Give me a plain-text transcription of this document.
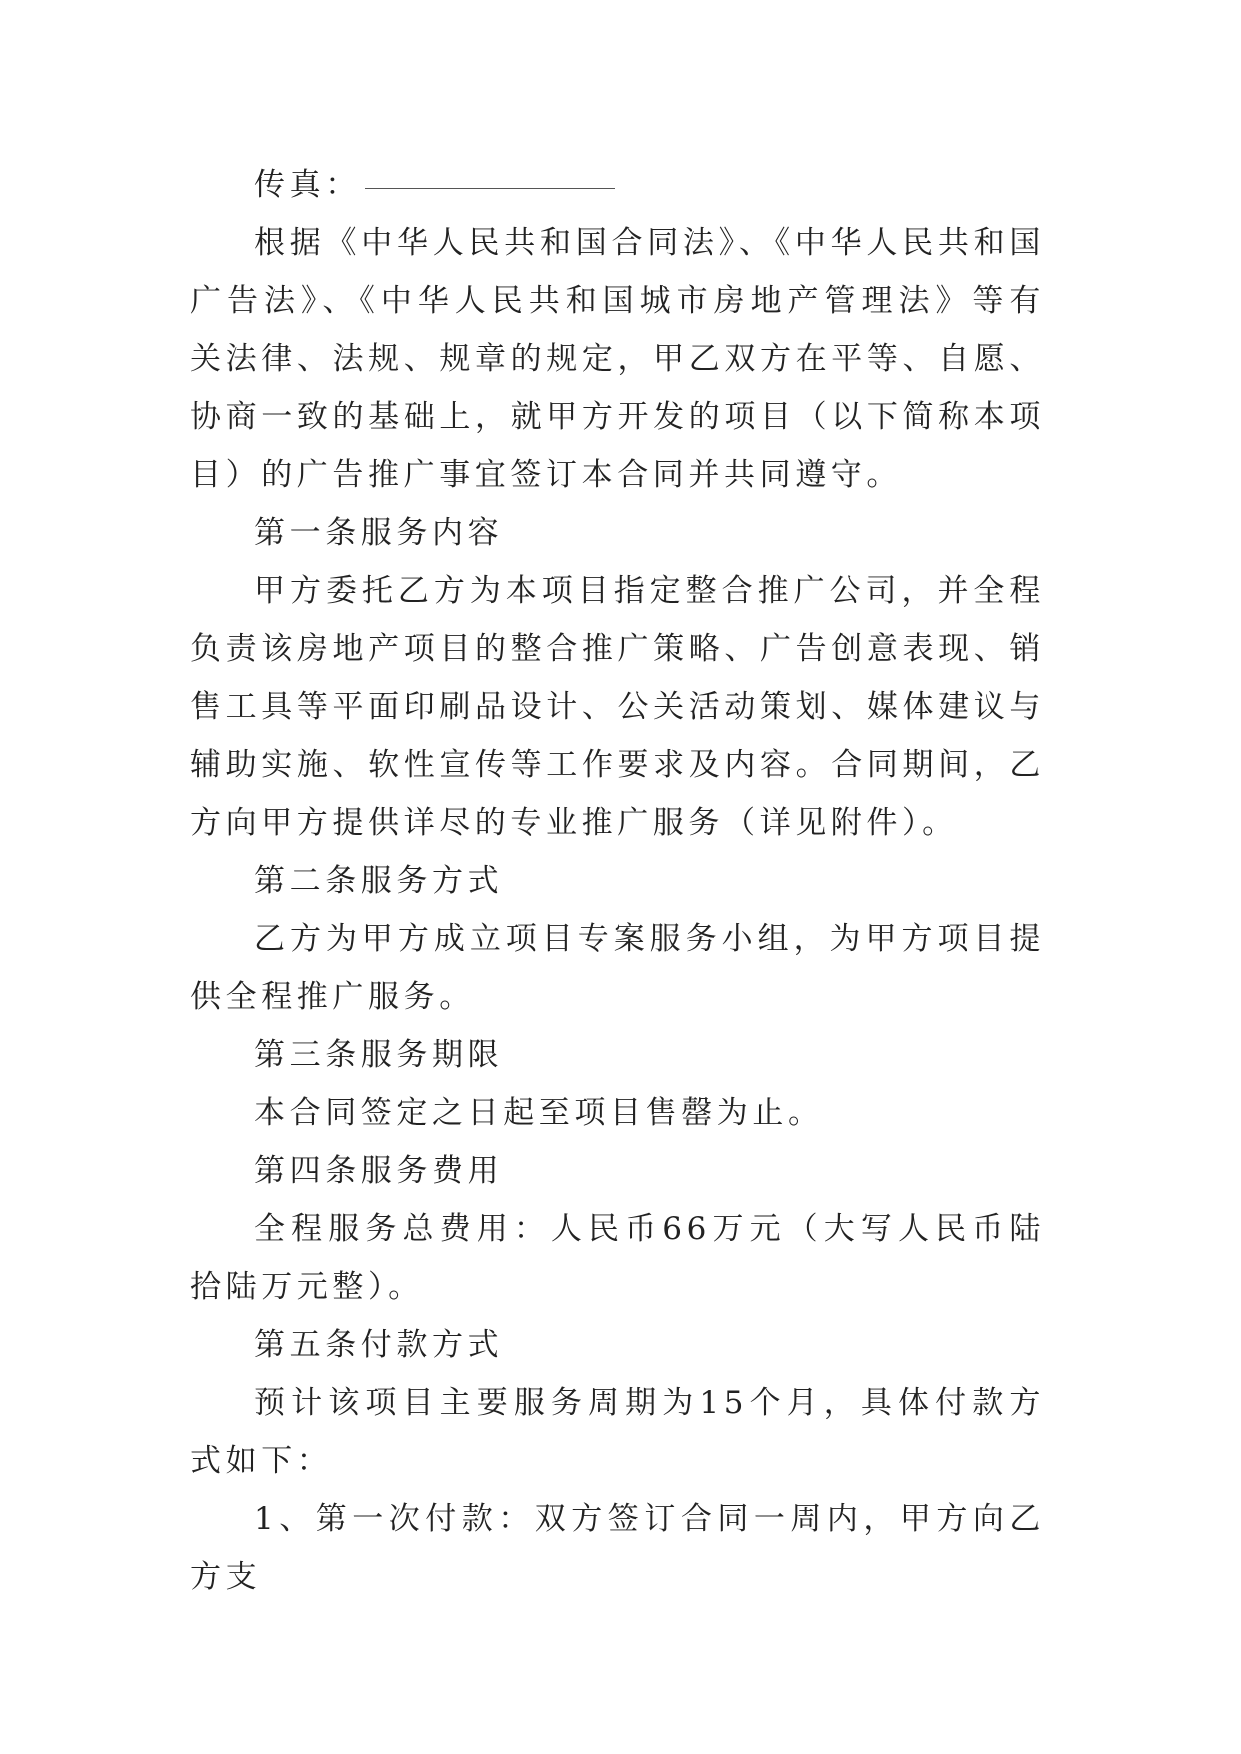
传真：

根据《中华人民共和国合同法》、《中华人民共和国广告法》、《中华人民共和国城市房地产管理法》等有关法律、法规、规章的规定，甲乙双方在平等、自愿、协商一致的基础上，就甲方开发的项目（以下简称本项目）的广告推广事宜签订本合同并共同遵守。

第一条服务内容

甲方委托乙方为本项目指定整合推广公司，并全程负责该房地产项目的整合推广策略、广告创意表现、销售工具等平面印刷品设计、公关活动策划、媒体建议与辅助实施、软性宣传等工作要求及内容。合同期间，乙方向甲方提供详尽的专业推广服务（详见附件）。

第二条服务方式

乙方为甲方成立项目专案服务小组，为甲方项目提供全程推广服务。

第三条服务期限

本合同签定之日起至项目售罄为止。

第四条服务费用

全程服务总费用：人民币66万元（大写人民币陆拾陆万元整）。

第五条付款方式

预计该项目主要服务周期为15个月，具体付款方式如下：

1、第一次付款：双方签订合同一周内，甲方向乙方支
